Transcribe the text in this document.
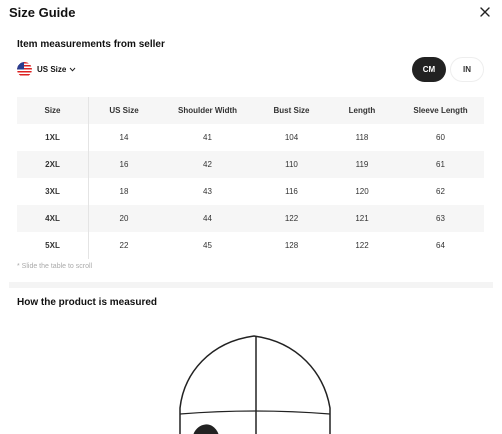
Size Guide
Item measurements from seller
US Size	CM	IN
Size	US Size	Shoulder Width	Bust Size	Length	Sleeve Length
1XL	14	41	104	118	60
2XL	16	42	110	119	61
3XL	18	43	116	120	62
4XL	20	44	122	121	63
5XL	22	45	128	122	64
* Slide the table to scroll
How the product is measured
